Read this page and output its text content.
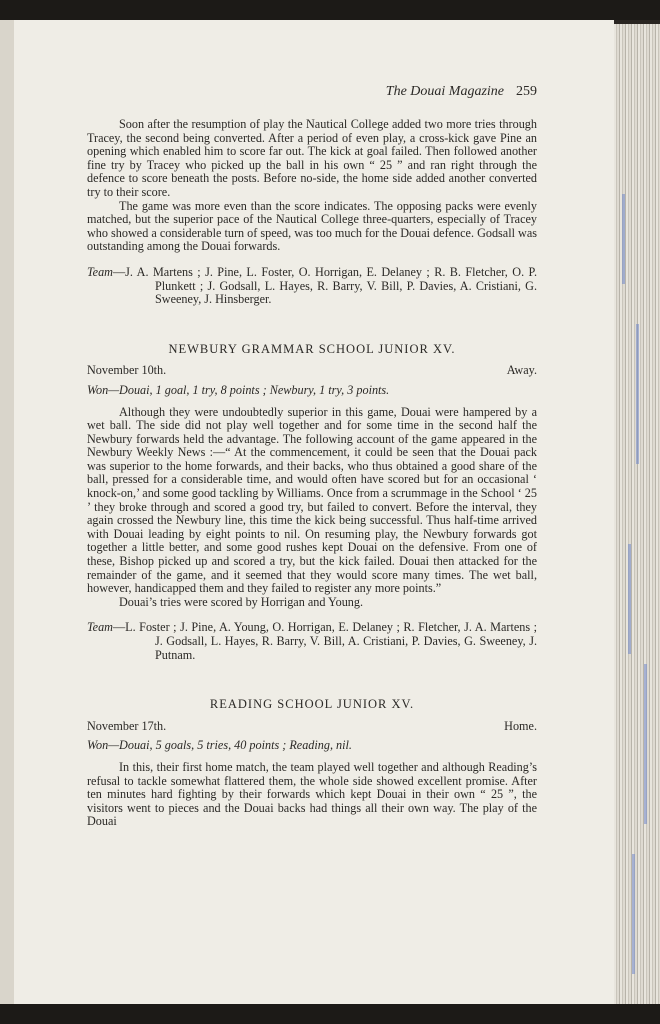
The Douai Magazine 259

Soon after the resumption of play the Nautical College added two more tries through Tracey, the second being converted. After a period of even play, a cross-kick gave Pine an opening which enabled him to score far out. The kick at goal failed. Then followed another fine try by Tracey who picked up the ball in his own “ 25 ” and ran right through the defence to score beneath the posts. Before no-side, the home side added another converted try to their score.

The game was more even than the score indicates. The opposing packs were evenly matched, but the superior pace of the Nautical College three-quarters, especially of Tracey who showed a considerable turn of speed, was too much for the Douai defence. Godsall was outstanding among the Douai forwards.

Team—J. A. Martens ; J. Pine, L. Foster, O. Horrigan, E. Delaney ; R. B. Fletcher, O. P. Plunkett ; J. Godsall, L. Hayes, R. Barry, V. Bill, P. Davies, A. Cristiani, G. Sweeney, J. Hinsberger.
NEWBURY GRAMMAR SCHOOL JUNIOR XV.
November 10th.	Away.
Won—Douai, 1 goal, 1 try, 8 points ; Newbury, 1 try, 3 points.

Although they were undoubtedly superior in this game, Douai were hampered by a wet ball. The side did not play well together and for some time in the second half the Newbury forwards held the advantage. The following account of the game appeared in the Newbury Weekly News :—“ At the commencement, it could be seen that the Douai pack was superior to the home forwards, and their backs, who thus obtained a good share of the ball, pressed for a considerable time, and would often have scored but for an occasional ‘ knock-on,’ and some good tackling by Williams. Once from a scrummage in the School ‘ 25 ’ they broke through and scored a good try, but failed to convert. Before the interval, they again crossed the Newbury line, this time the kick being successful. Thus half-time arrived with Douai leading by eight points to nil. On resuming play, the Newbury forwards got together a little better, and some good rushes kept Douai on the defensive. From one of these, Bishop picked up and scored a try, but the kick failed. Douai then attacked for the remainder of the game, and it seemed that they would score many times. The wet ball, however, handicapped them and they failed to register any more points.”

Douai’s tries were scored by Horrigan and Young.

Team—L. Foster ; J. Pine, A. Young, O. Horrigan, E. Delaney ; R. Fletcher, J. A. Martens ; J. Godsall, L. Hayes, R. Barry, V. Bill, A. Cristiani, P. Davies, G. Sweeney, J. Putnam.
READING SCHOOL JUNIOR XV.
November 17th.	Home.
Won—Douai, 5 goals, 5 tries, 40 points ; Reading, nil.

In this, their first home match, the team played well together and although Reading’s refusal to tackle somewhat flattered them, the whole side showed excellent promise. After ten minutes hard fighting by their forwards which kept Douai in their own “ 25 ”, the visitors went to pieces and the Douai backs had things all their own way. The play of the Douai
